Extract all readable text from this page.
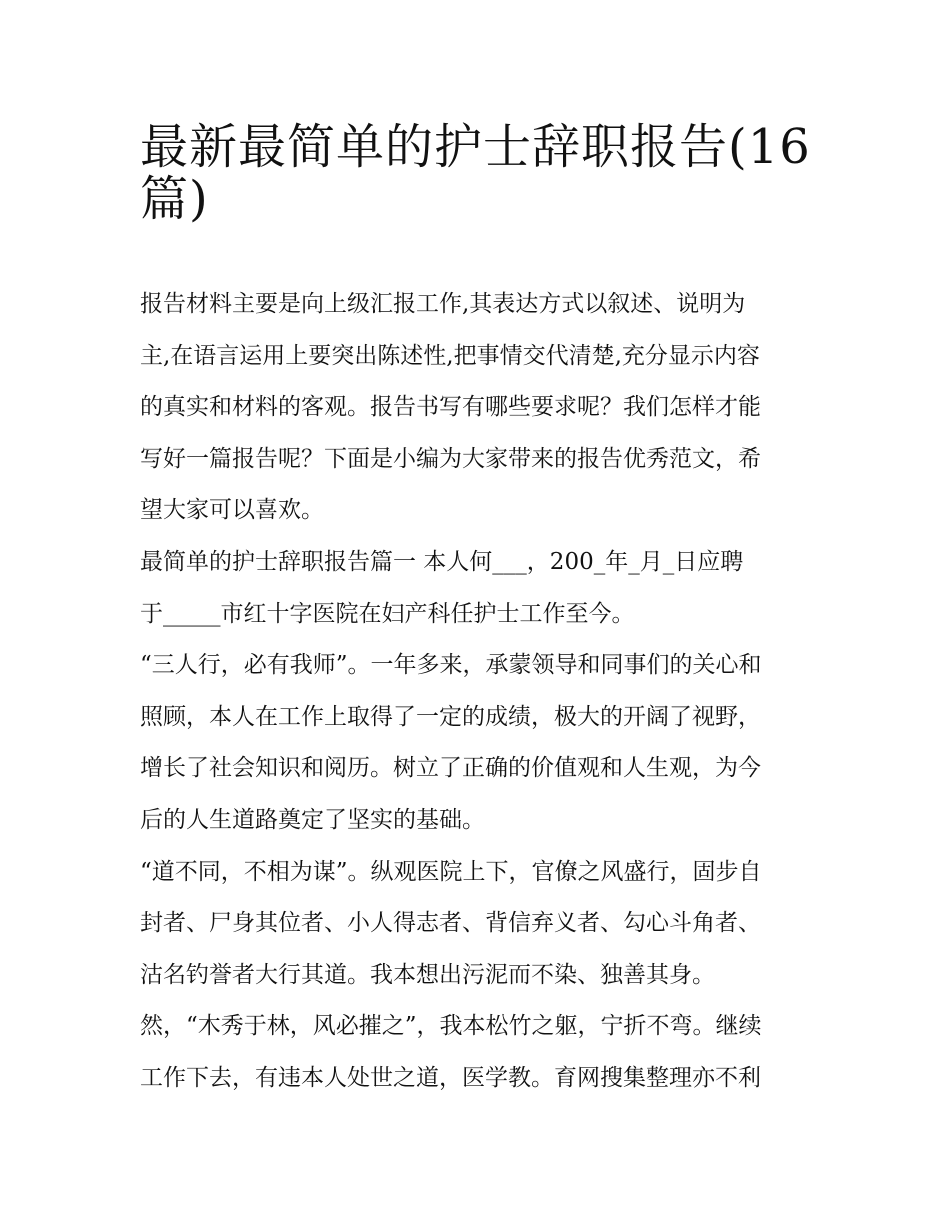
最新最简单的护士辞职报告(16
篇)
报告材料主要是向上级汇报工作,其表达方式以叙述、说明为
主,在语言运用上要突出陈述性,把事情交代清楚,充分显示内容
的真实和材料的客观。报告书写有哪些要求呢？我们怎样才能
写好一篇报告呢？下面是小编为大家带来的报告优秀范文，希
望大家可以喜欢。
最简单的护士辞职报告篇一 本人何___，200_年_月_日应聘
于_____市红十字医院在妇产科任护士工作至今。
“三人行，必有我师”。一年多来，承蒙领导和同事们的关心和
照顾，本人在工作上取得了一定的成绩，极大的开阔了视野，
增长了社会知识和阅历。树立了正确的价值观和人生观，为今
后的人生道路奠定了坚实的基础。
“道不同，不相为谋”。纵观医院上下，官僚之风盛行，固步自
封者、尸身其位者、小人得志者、背信弃义者、勾心斗角者、
沽名钓誉者大行其道。我本想出污泥而不染、独善其身。
然，“木秀于林，风必摧之”，我本松竹之躯，宁折不弯。继续
工作下去，有违本人处世之道，医学教。育网搜集整理亦不利
